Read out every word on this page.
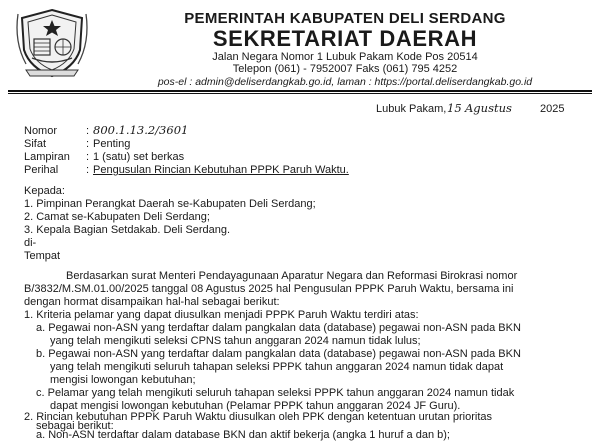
PEMERINTAH KABUPATEN DELI SERDANG
SEKRETARIAT DAERAH
Jalan Negara Nomor 1 Lubuk Pakam Kode Pos 20514
Telepon (061) - 7952007 Faks (061) 795 4252
pos-el : admin@deliserdangkab.go.id, laman : https://portal.deliserdangkab.go.id
Lubuk Pakam, 15 Agustus	2025
Nomor	: 800.1.13.2/3601
Sifat	: Penting
Lampiran : 1 (satu) set berkas
Perihal	: Pengusulan Rincian Kebutuhan PPPK Paruh Waktu.
Kepada:
1. Pimpinan Perangkat Daerah se-Kabupaten Deli Serdang;
2. Camat se-Kabupaten Deli Serdang;
3. Kepala Bagian Setdakab. Deli Serdang.
di-
Tempat
Berdasarkan surat Menteri Pendayagunaan Aparatur Negara dan Reformasi Birokrasi nomor
B/3832/M.SM.01.00/2025 tanggal 08 Agustus 2025 hal Pengusulan PPPK Paruh Waktu, bersama ini
dengan hormat disampaikan hal-hal sebagai berikut:
1. Kriteria pelamar yang dapat diusulkan menjadi PPPK Paruh Waktu terdiri atas:
a. Pegawai non-ASN yang terdaftar dalam pangkalan data (database) pegawai non-ASN pada BKN
yang telah mengikuti seleksi CPNS tahun anggaran 2024 namun tidak lulus;
b. Pegawai non-ASN yang terdaftar dalam pangkalan data (database) pegawai non-ASN pada BKN
yang telah mengikuti seluruh tahapan seleksi PPPK tahun anggaran 2024 namun tidak dapat
mengisi lowongan kebutuhan;
c. Pelamar yang telah mengikuti seluruh tahapan seleksi PPPK tahun anggaran 2024 namun tidak
dapat mengisi lowongan kebutuhan (Pelamar PPPK tahun anggaran 2024 JF Guru).
2. Rincian kebutuhan PPPK Paruh Waktu diusulkan oleh PPK dengan ketentuan urutan prioritas
sebagai berikut:
a. Non-ASN terdaftar dalam database BKN dan aktif bekerja (angka 1 huruf a dan b);
